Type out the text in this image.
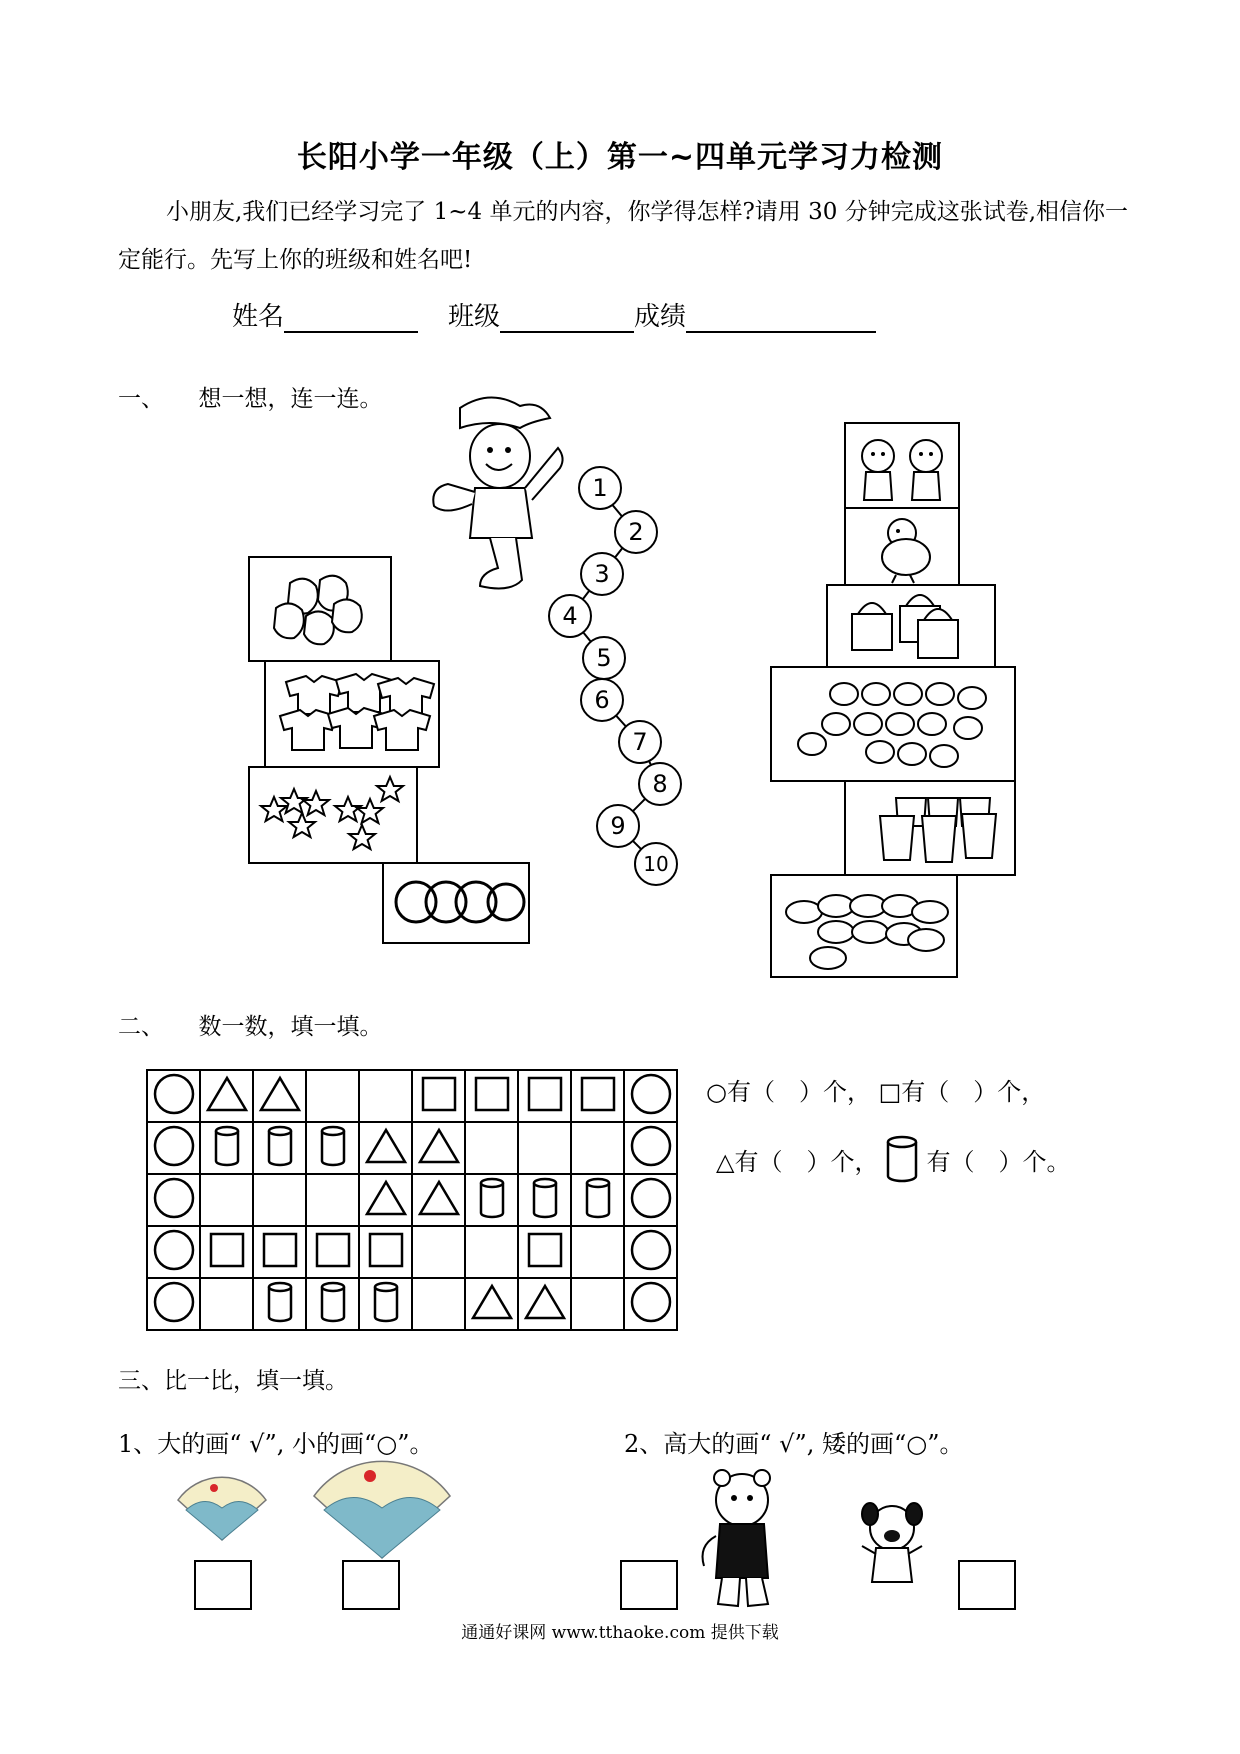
长阳小学一年级（上）第一~四单元学习力检测
小朋友,我们已经学习完了 1~4 单元的内容，你学得怎样?请用 30 分钟完成这张试卷,相信你一定能行。先写上你的班级和姓名吧!
姓名	班级	成绩
一、　　想一想，连一连。
1
2
3
4
5
6
7
8
9
10
二、　　数一数，填一填。

○有（　）个， □有（　）个，
△有（　）个， 有（　）个。
三、比一比，填一填。
1、大的画“ √”, 小的画“○”。	2、高大的画“ √”, 矮的画“○”。
通通好课网 www.tthaoke.com 提供下载
